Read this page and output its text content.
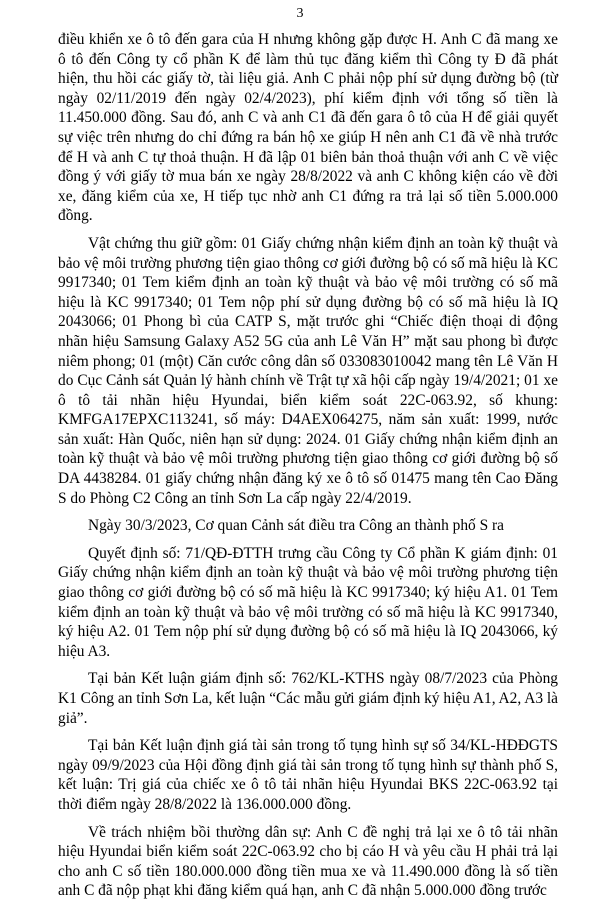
3

điều khiển xe ô tô đến gara của H nhưng không gặp được H. Anh C đã mang xe ô tô đến Công ty cổ phần K để làm thủ tục đăng kiểm thì Công ty Đ đã phát hiện, thu hồi các giấy tờ, tài liệu giả. Anh C phải nộp phí sử dụng đường bộ (từ ngày 02/11/2019 đến ngày 02/4/2023), phí kiểm định với tổng số tiền là 11.450.000 đồng. Sau đó, anh C và anh C1 đã đến gara ô tô của H để giải quyết sự việc trên nhưng do chỉ đứng ra bán hộ xe giúp H nên anh C1 đã về nhà trước để H và anh C tự thoả thuận. H đã lập 01 biên bản thoả thuận với anh C về việc đồng ý với giấy tờ mua bán xe ngày 28/8/2022 và anh C không kiện cáo về đời xe, đăng kiểm của xe, H tiếp tục nhờ anh C1 đứng ra trả lại số tiền 5.000.000 đồng.

Vật chứng thu giữ gồm: 01 Giấy chứng nhận kiểm định an toàn kỹ thuật và bảo vệ môi trường phương tiện giao thông cơ giới đường bộ có số mã hiệu là KC 9917340; 01 Tem kiểm định an toàn kỹ thuật và bảo vệ môi trường có số mã hiệu là KC 9917340; 01 Tem nộp phí sử dụng đường bộ có số mã hiệu là IQ 2043066; 01 Phong bì của CATP S, mặt trước ghi “Chiếc điện thoại di động nhãn hiệu Samsung Galaxy A52 5G của anh Lê Văn H” mặt sau phong bì được niêm phong; 01 (một) Căn cước công dân số 033083010042 mang tên Lê Văn H do Cục Cảnh sát Quản lý hành chính về Trật tự xã hội cấp ngày 19/4/2021; 01 xe ô tô tải nhãn hiệu Hyundai, biển kiểm soát 22C-063.92, số khung: KMFGA17EPXC113241, số máy: D4AEX064275, năm sản xuất: 1999, nước sản xuất: Hàn Quốc, niên hạn sử dụng: 2024. 01 Giấy chứng nhận kiểm định an toàn kỹ thuật và bảo vệ môi trường phương tiện giao thông cơ giới đường bộ số DA 4438284. 01 giấy chứng nhận đăng ký xe ô tô số 01475 mang tên Cao Đăng S do Phòng C2 Công an tỉnh Sơn La cấp ngày 22/4/2019.

Ngày 30/3/2023, Cơ quan Cảnh sát điều tra Công an thành phố S ra

Quyết định số: 71/QĐ-ĐTTH trưng cầu Công ty Cổ phần K giám định: 01 Giấy chứng nhận kiểm định an toàn kỹ thuật và bảo vệ môi trường phương tiện giao thông cơ giới đường bộ có số mã hiệu là KC 9917340; ký hiệu A1. 01 Tem kiểm định an toàn kỹ thuật và bảo vệ môi trường có số mã hiệu là KC 9917340, ký hiệu A2. 01 Tem nộp phí sử dụng đường bộ có số mã hiệu là IQ 2043066, ký hiệu A3.

Tại bản Kết luận giám định số: 762/KL-KTHS ngày 08/7/2023 của Phòng K1 Công an tỉnh Sơn La, kết luận “Các mẫu gửi giám định ký hiệu A1, A2, A3 là giả”.

Tại bản Kết luận định giá tài sản trong tố tụng hình sự số 34/KL-HĐĐGTS ngày 09/9/2023 của Hội đồng định giá tài sản trong tố tụng hình sự thành phố S, kết luận: Trị giá của chiếc xe ô tô tải nhãn hiệu Hyundai BKS 22C-063.92 tại thời điểm ngày 28/8/2022 là 136.000.000 đồng.

Về trách nhiệm bồi thường dân sự: Anh C đề nghị trả lại xe ô tô tải nhãn hiệu Hyundai biển kiểm soát 22C-063.92 cho bị cáo H và yêu cầu H phải trả lại cho anh C số tiền 180.000.000 đồng tiền mua xe và 11.490.000 đồng là số tiền anh C đã nộp phạt khi đăng kiểm quá hạn, anh C đã nhận 5.000.000 đồng trước
